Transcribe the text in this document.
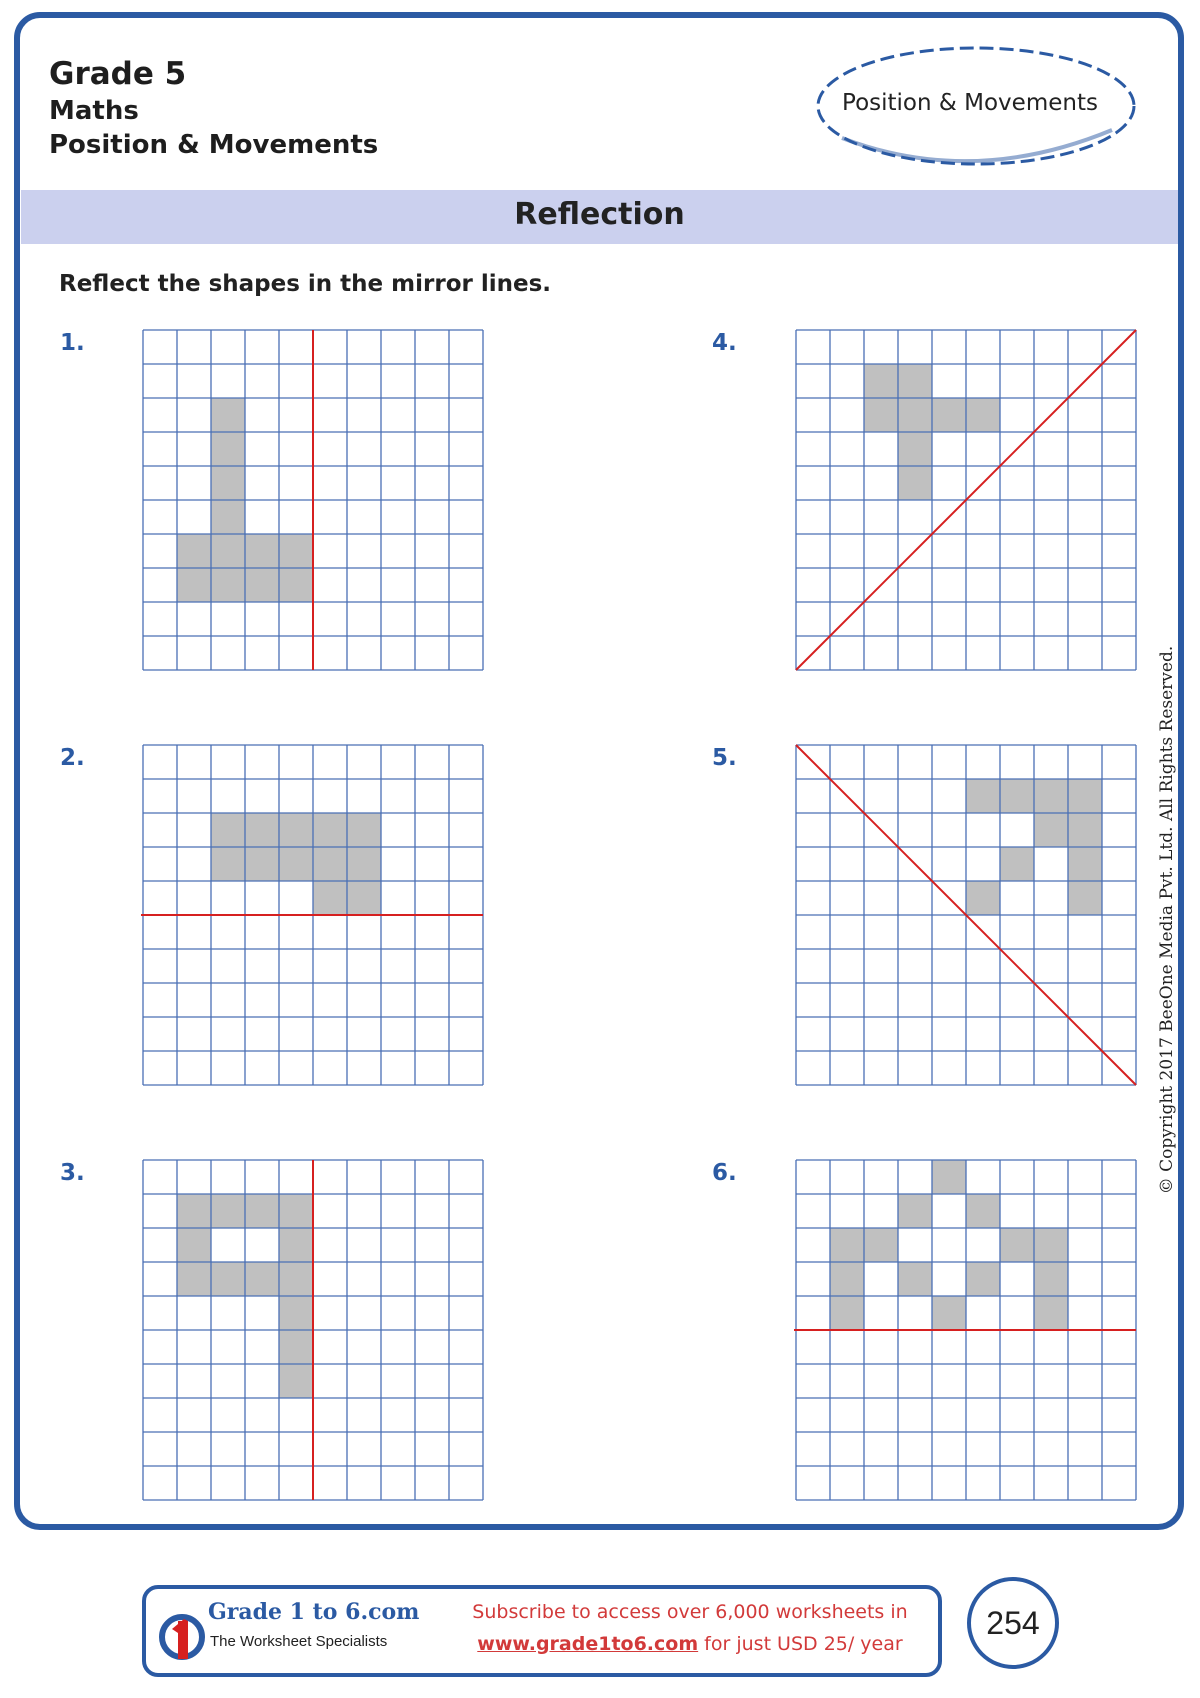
Grade 5
Maths
Position & Movements
Position & Movements
Reflection
Reflect the shapes in the mirror lines.
1.
2.
3.
4.
5.
6.	© Copyright 2017 BeeOne Media Pvt. Ltd. All Rights Reserved.
Grade 1 to 6.com
The Worksheet Specialists
Subscribe to access over 6,000 worksheets in
www.grade1to6.com for just USD 25/ year
254
